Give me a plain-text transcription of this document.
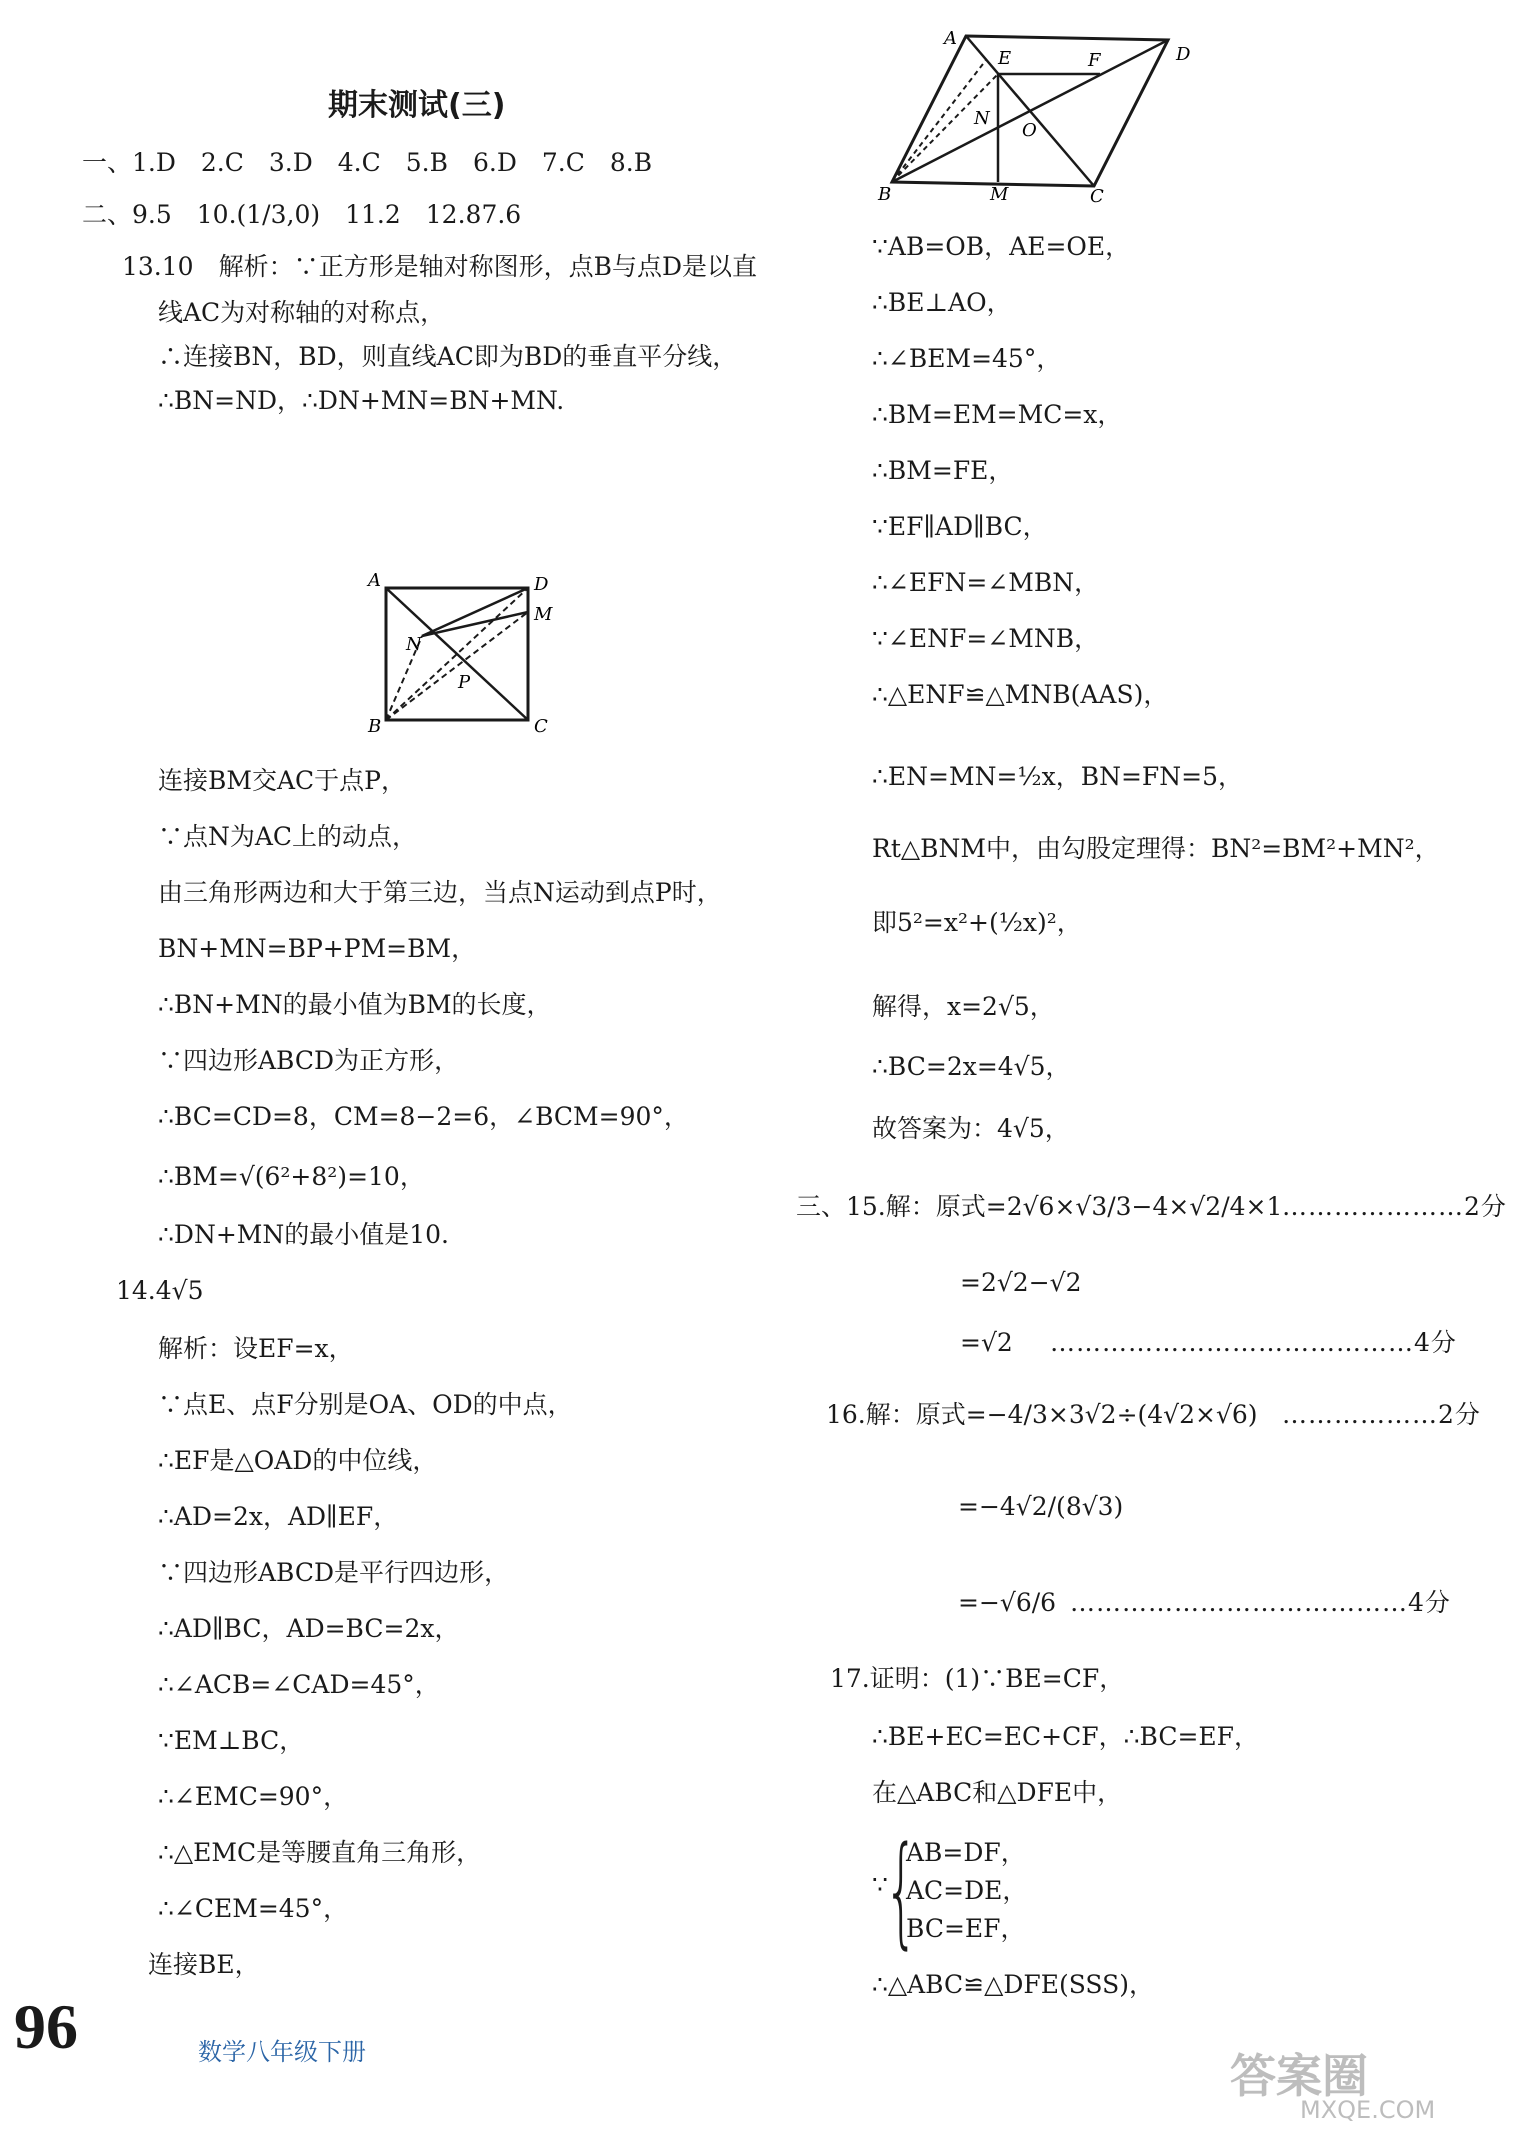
期末测试(三)
一、1.D　2.C　3.D　4.C　5.B　6.D　7.C　8.B
二、9.5　10.(1/3,0)　11.2　12.87.6
13.10　解析：∵正方形是轴对称图形，点B与点D是以直
线AC为对称轴的对称点，
∴连接BN，BD，则直线AC即为BD的垂直平分线，
∴BN=ND，∴DN+MN=BN+MN.
A	D
M
N
P
B	C
连接BM交AC于点P，
∵点N为AC上的动点，
由三角形两边和大于第三边，当点N运动到点P时，
BN+MN=BP+PM=BM，
∴BN+MN的最小值为BM的长度，
∵四边形ABCD为正方形，
∴BC=CD=8，CM=8−2=6，∠BCM=90°，
∴BM=√(6²+8²)=10，
∴DN+MN的最小值是10.
14.4√5
解析：设EF=x，
∵点E、点F分别是OA、OD的中点，
∴EF是△OAD的中位线，
∴AD=2x，AD∥EF，
∵四边形ABCD是平行四边形，
∴AD∥BC，AD=BC=2x，
∴∠ACB=∠CAD=45°，
∵EM⊥BC，
∴∠EMC=90°，
∴△EMC是等腰直角三角形，
∴∠CEM=45°，
连接BE，
A
E	F	D
N
O
B	M	C
∵AB=OB，AE=OE，
∴BE⊥AO，
∴∠BEM=45°，
∴BM=EM=MC=x，
∴BM=FE，
∵EF∥AD∥BC，
∴∠EFN=∠MBN，
∵∠ENF=∠MNB，
∴△ENF≌△MNB(AAS)，
∴EN=MN=½x，BN=FN=5，
Rt△BNM中，由勾股定理得：BN²=BM²+MN²，
即5²=x²+(½x)²，
解得，x=2√5，
∴BC=2x=4√5，
故答案为：4√5，
三、15.解：原式=2√6×√3/3−4×√2/4×1 …………………2分
=2√2−√2
=√2 ……………………………………4分
16.解：原式=−4/3×3√2÷(4√2×√6) ………………2分
=−4√2/(8√3)
=−√6/6 …………………………………4分
17.证明：(1)∵BE=CF，
∴BE+EC=EC+CF，∴BC=EF，
在△ABC和△DFE中，
∵
{
AB=DF，
AC=DE，
BC=EF，
∴△ABC≌△DFE(SSS)，
96	数学八年级下册	答案圈
MXQE.COM
